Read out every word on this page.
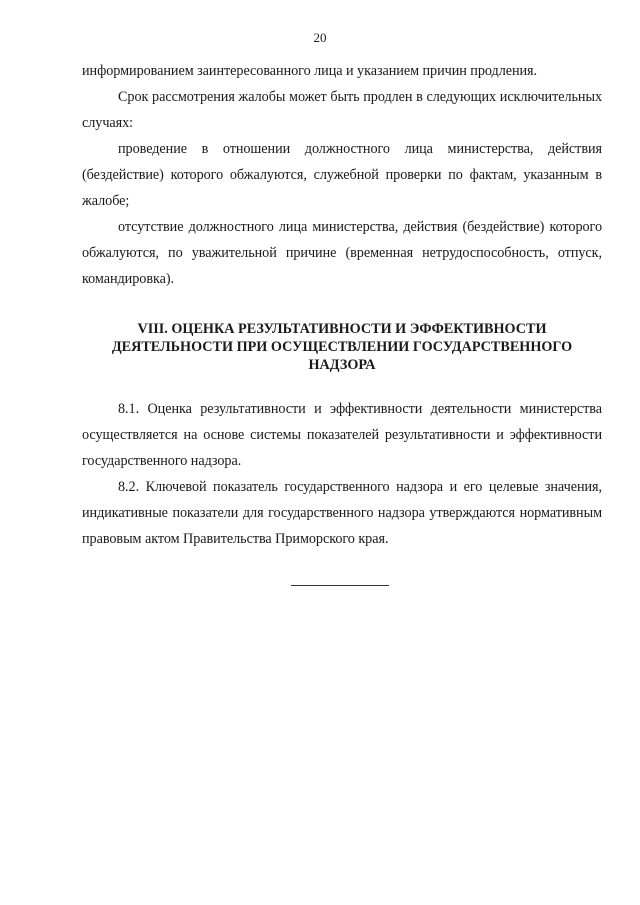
20

информированием заинтересованного лица и указанием причин продления.

Срок рассмотрения жалобы может быть продлен в следующих исключительных случаях:

проведение в отношении должностного лица министерства, действия (бездействие) которого обжалуются, служебной проверки по фактам, указанным в жалобе;

отсутствие должностного лица министерства, действия (бездействие) которого обжалуются, по уважительной причине (временная нетрудоспособность, отпуск, командировка).

VIII. ОЦЕНКА РЕЗУЛЬТАТИВНОСТИ И ЭФФЕКТИВНОСТИ
ДЕЯТЕЛЬНОСТИ ПРИ ОСУЩЕСТВЛЕНИИ ГОСУДАРСТВЕННОГО
НАДЗОРА

8.1. Оценка результативности и эффективности деятельности министерства осуществляется на основе системы показателей результативности и эффективности государственного надзора.

8.2. Ключевой показатель государственного надзора и его целевые значения, индикативные показатели для государственного надзора утверждаются нормативным правовым актом Правительства Приморского края.
